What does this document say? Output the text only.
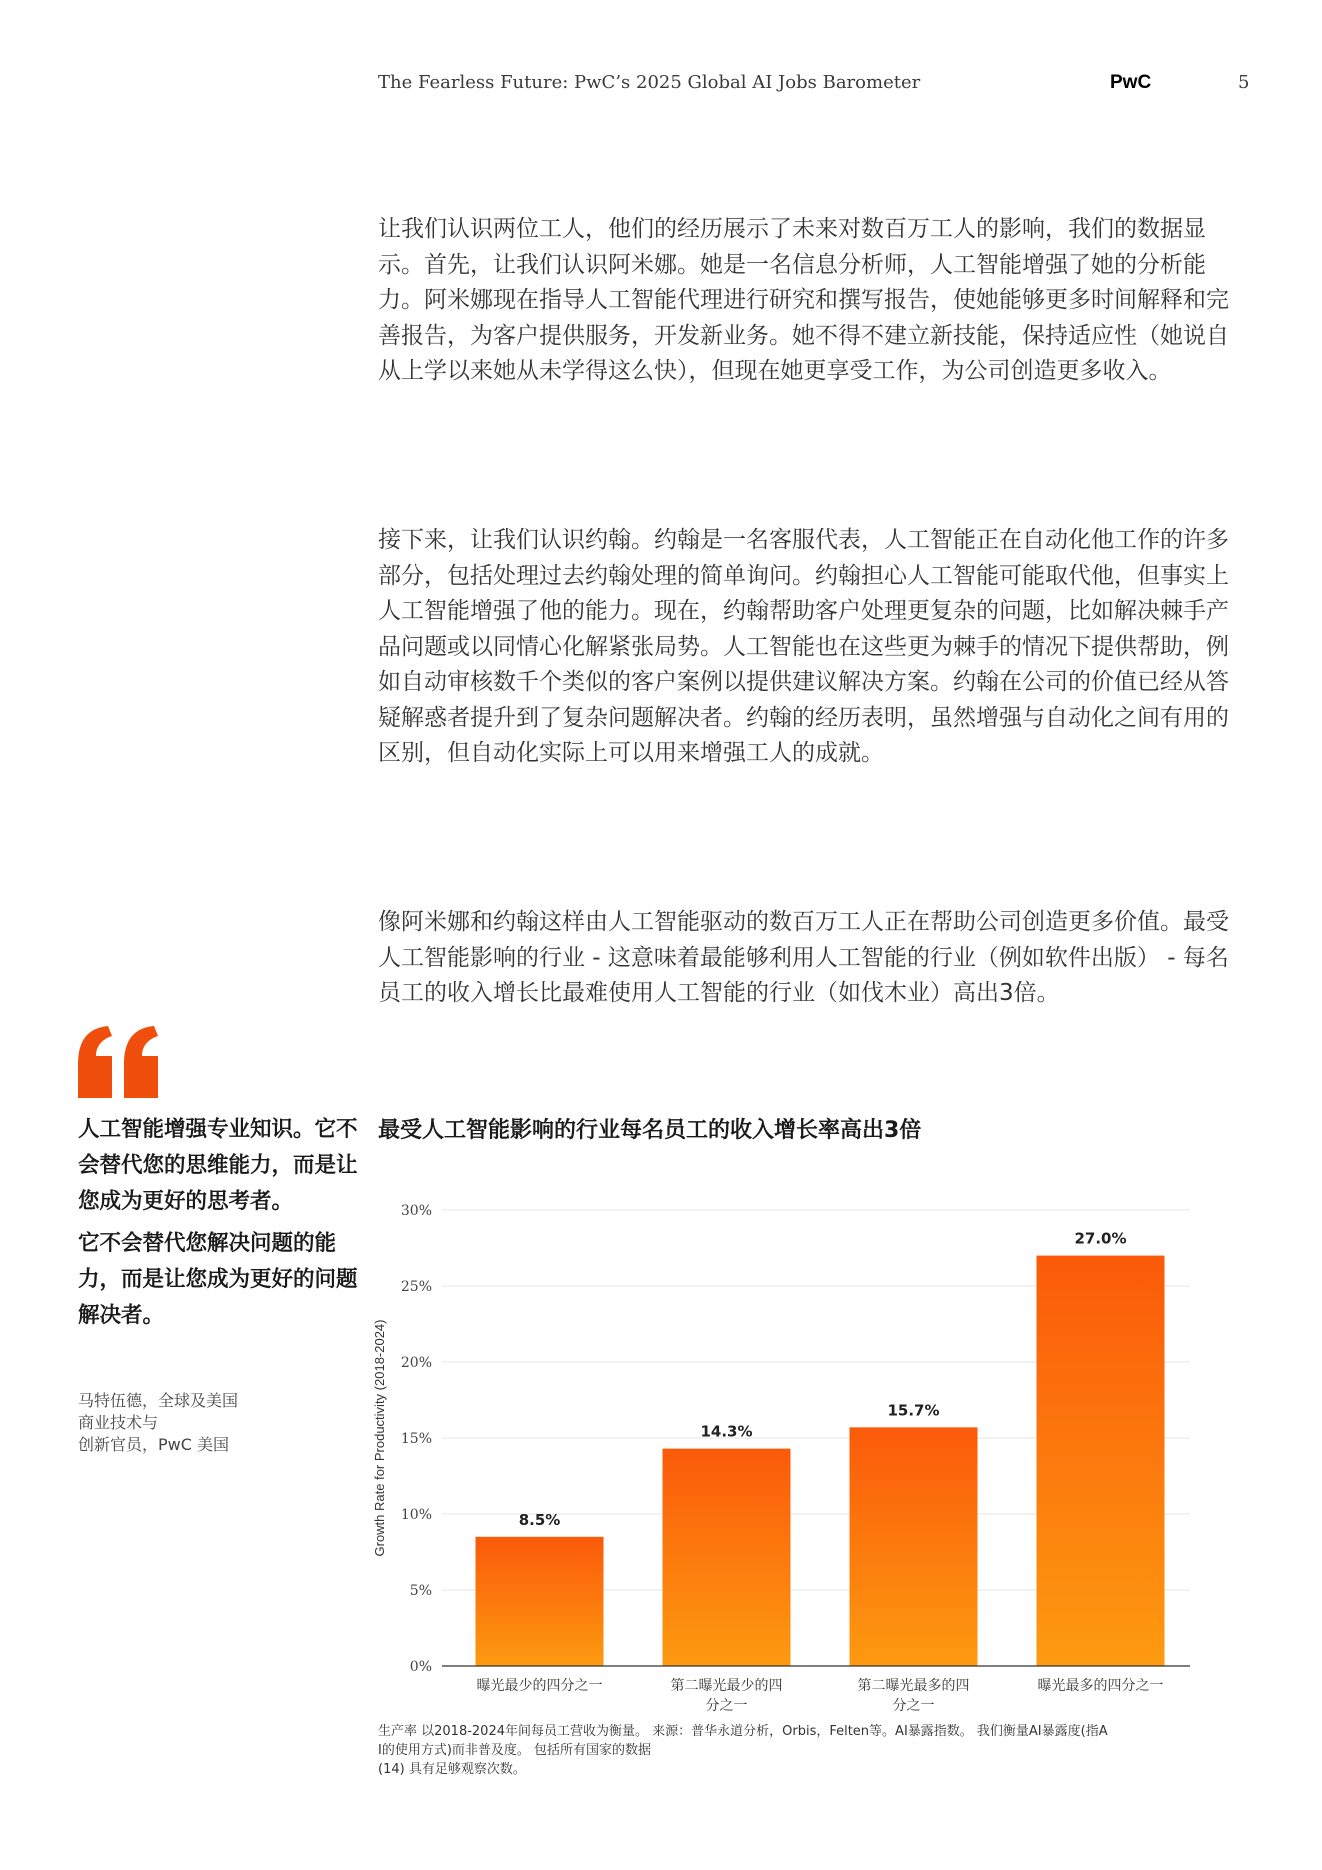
The Fearless Future: PwC’s 2025 Global AI Jobs Barometer	PwC	5

让我们认识两位工人，他们的经历展示了未来对数百万工人的影响，我们的数据显示。首先，让我们认识阿米娜。她是一名信息分析师，人工智能增强了她的分析能力。阿米娜现在指导人工智能代理进行研究和撰写报告，使她能够更多时间解释和完善报告，为客户提供服务，开发新业务。她不得不建立新技能，保持适应性（她说自从上学以来她从未学得这么快），但现在她更享受工作，为公司创造更多收入。

接下来，让我们认识约翰。约翰是一名客服代表，人工智能正在自动化他工作的许多部分，包括处理过去约翰处理的简单询问。约翰担心人工智能可能取代他，但事实上人工智能增强了他的能力。现在，约翰帮助客户处理更复杂的问题，比如解决棘手产品问题或以同情心化解紧张局势。人工智能也在这些更为棘手的情况下提供帮助，例如自动审核数千个类似的客户案例以提供建议解决方案。约翰在公司的价值已经从答疑解惑者提升到了复杂问题解决者。约翰的经历表明，虽然增强与自动化之间有用的区别，但自动化实际上可以用来增强工人的成就。

像阿米娜和约翰这样由人工智能驱动的数百万工人正在帮助公司创造更多价值。最受人工智能影响的行业 - 这意味着最能够利用人工智能的行业（例如软件出版） - 每名员工的收入增长比最难使用人工智能的行业（如伐木业）高出3倍。

人工智能增强专业知识。它不会替代您的思维能力，而是让您成为更好的思考者。
它不会替代您解决问题的能力，而是让您成为更好的问题解决者。
马特伍德，全球及美国
商业技术与
创新官员，PwC 美国
最受人工智能影响的行业每名员工的收入增长率高出3倍
0%
5%
10%
15%
20%
25%
30%
Growth Rate for Productivity (2018-2024)	8.5%
曝光最少的四分之一
14.3%
第二曝光最少的四
分之一
15.7%
第二曝光最多的四
分之一
27.0%
曝光最多的四分之一
生产率 以2018-2024年间每员工营收为衡量。 来源：普华永道分析，Orbis，Felten等。AI暴露指数。 我们衡量AI暴露度(指A
I的使用方式)而非普及度。 包括所有国家的数据
(14) 具有足够观察次数。
